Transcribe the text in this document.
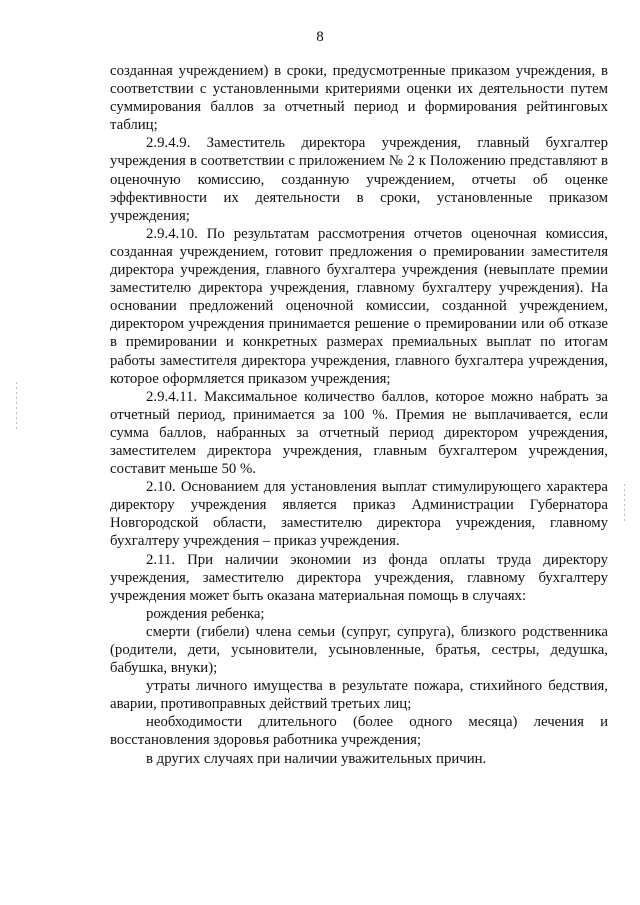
8

созданная учреждением) в сроки, предусмотренные приказом учреждения, в соответствии с установленными критериями оценки их деятельности путем суммирования баллов за отчетный период и формирования рейтинговых таблиц;

2.9.4.9. Заместитель директора учреждения, главный бухгалтер учреждения в соответствии с приложением № 2 к Положению представляют в оценочную комиссию, созданную учреждением, отчеты об оценке эффективности их деятельности в сроки, установленные приказом учреждения;

2.9.4.10. По результатам рассмотрения отчетов оценочная комиссия, созданная учреждением, готовит предложения о премировании заместителя директора учреждения, главного бухгалтера учреждения (невыплате премии заместителю директора учреждения, главному бухгалтеру учреждения). На основании предложений оценочной комиссии, созданной учреждением, директором учреждения принимается решение о премировании или об отказе в премировании и конкретных размерах премиальных выплат по итогам работы заместителя директора учреждения, главного бухгалтера учреждения, которое оформляется приказом учреждения;

2.9.4.11. Максимальное количество баллов, которое можно набрать за отчетный период, принимается за 100 %. Премия не выплачивается, если сумма баллов, набранных за отчетный период директором учреждения, заместителем директора учреждения, главным бухгалтером учреждения, составит меньше 50 %.

2.10. Основанием для установления выплат стимулирующего характера директору учреждения является приказ Администрации Губернатора Новгородской области, заместителю директора учреждения, главному бухгалтеру учреждения – приказ учреждения.

2.11. При наличии экономии из фонда оплаты труда директору учреждения, заместителю директора учреждения, главному бухгалтеру учреждения может быть оказана материальная помощь в случаях:

рождения ребенка;

смерти (гибели) члена семьи (супруг, супруга), близкого родственника (родители, дети, усыновители, усыновленные, братья, сестры, дедушка, бабушка, внуки);

утраты личного имущества в результате пожара, стихийного бедствия, аварии, противоправных действий третьих лиц;

необходимости длительного (более одного месяца) лечения и восстановления здоровья работника учреждения;

в других случаях при наличии уважительных причин.
